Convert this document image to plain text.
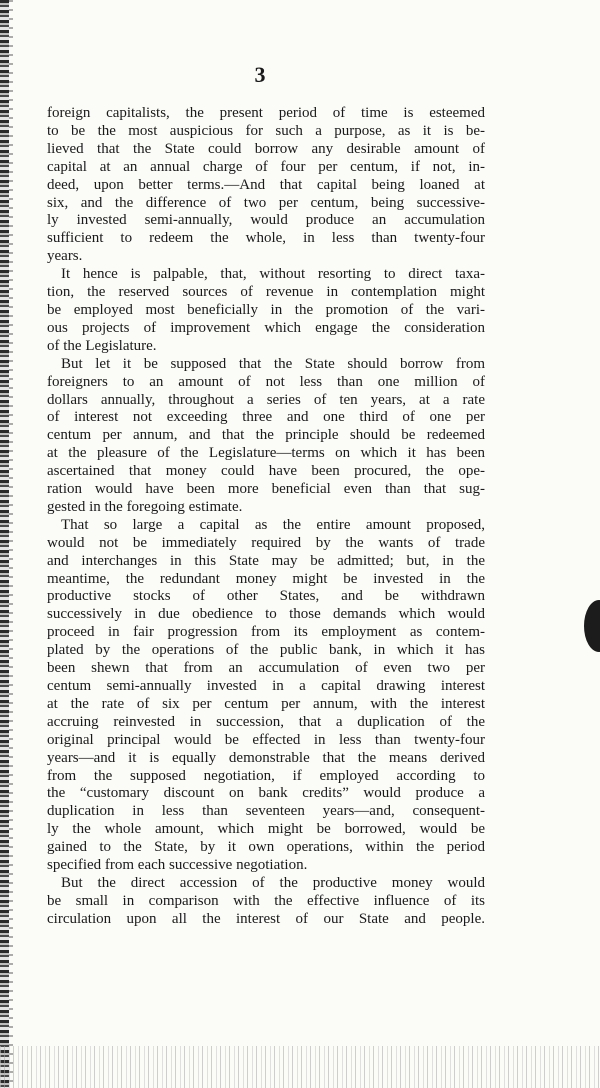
3

foreign capitalists, the present period of time is esteemed
to be the most auspicious for such a purpose, as it is be-
lieved that the State could borrow any desirable amount of
capital at an annual charge of four per centum, if not, in-
deed, upon better terms.—And that capital being loaned at
six, and the difference of two per centum, being successive-
ly invested semi-annually, would produce an accumulation
sufficient to redeem the whole, in less than twenty-four
years.

It hence is palpable, that, without resorting to direct taxa-
tion, the reserved sources of revenue in contemplation might
be employed most beneficially in the promotion of the vari-
ous projects of improvement which engage the consideration
of the Legislature.

But let it be supposed that the State should borrow from
foreigners to an amount of not less than one million of
dollars annually, throughout a series of ten years, at a rate
of interest not exceeding three and one third of one per
centum per annum, and that the principle should be redeemed
at the pleasure of the Legislature—terms on which it has been
ascertained that money could have been procured, the ope-
ration would have been more beneficial even than that sug-
gested in the foregoing estimate.

That so large a capital as the entire amount proposed,
would not be immediately required by the wants of trade
and interchanges in this State may be admitted; but, in the
meantime, the redundant money might be invested in the
productive stocks of other States, and be withdrawn
successively in due obedience to those demands which would
proceed in fair progression from its employment as contem-
plated by the operations of the public bank, in which it has
been shewn that from an accumulation of even two per
centum semi-annually invested in a capital drawing interest
at the rate of six per centum per annum, with the interest
accruing reinvested in succession, that a duplication of the
original principal would be effected in less than twenty-four
years—and it is equally demonstrable that the means derived
from the supposed negotiation, if employed according to
the “customary discount on bank credits” would produce a
duplication in less than seventeen years—and, consequent-
ly the whole amount, which might be borrowed, would be
gained to the State, by it own operations, within the period
specified from each successive negotiation.

But the direct accession of the productive money would
be small in comparison with the effective influence of its
circulation upon all the interest of our State and people.
